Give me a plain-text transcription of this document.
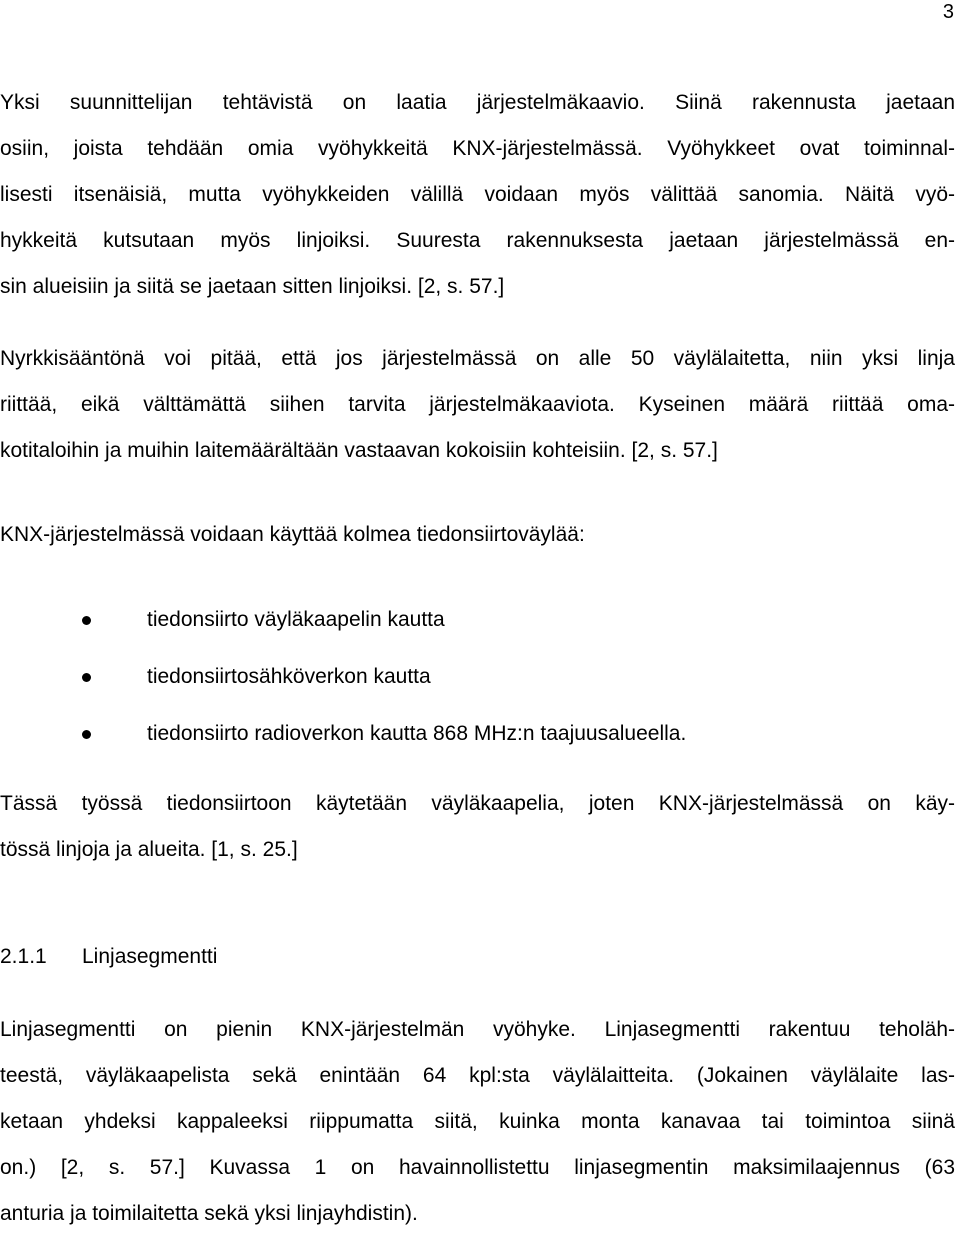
3
Yksi suunnittelijan tehtävistä on laatia järjestelmäkaavio. Siinä rakennusta jaetaan
osiin, joista tehdään omia vyöhykkeitä KNX-järjestelmässä. Vyöhykkeet ovat toiminnal-
lisesti itsenäisiä, mutta vyöhykkeiden välillä voidaan myös välittää sanomia. Näitä vyö-
hykkeitä kutsutaan myös linjoiksi. Suuresta rakennuksesta jaetaan järjestelmässä en-
sin alueisiin ja siitä se jaetaan sitten linjoiksi. [2, s. 57.]
Nyrkkisääntönä voi pitää, että jos järjestelmässä on alle 50 väylälaitetta, niin yksi linja
riittää, eikä välttämättä siihen tarvita järjestelmäkaaviota. Kyseinen määrä riittää oma-
kotitaloihin ja muihin laitemäärältään vastaavan kokoisiin kohteisiin. [2, s. 57.]
KNX-järjestelmässä voidaan käyttää kolmea tiedonsiirtoväylää:
tiedonsiirto väyläkaapelin kautta
tiedonsiirtosähköverkon kautta
tiedonsiirto radioverkon kautta 868 MHz:n taajuusalueella.
Tässä työssä tiedonsiirtoon käytetään väyläkaapelia, joten KNX-järjestelmässä on käy-
tössä linjoja ja alueita. [1, s. 25.]
2.1.1 Linjasegmentti
Linjasegmentti on pienin KNX-järjestelmän vyöhyke. Linjasegmentti rakentuu teholäh-
teestä, väyläkaapelista sekä enintään 64 kpl:sta väylälaitteita. (Jokainen väylälaite las-
ketaan yhdeksi kappaleeksi riippumatta siitä, kuinka monta kanavaa tai toimintoa siinä
on.) [2, s. 57.] Kuvassa 1 on havainnollistettu linjasegmentin maksimilaajennus (63
anturia ja toimilaitetta sekä yksi linjayhdistin).
